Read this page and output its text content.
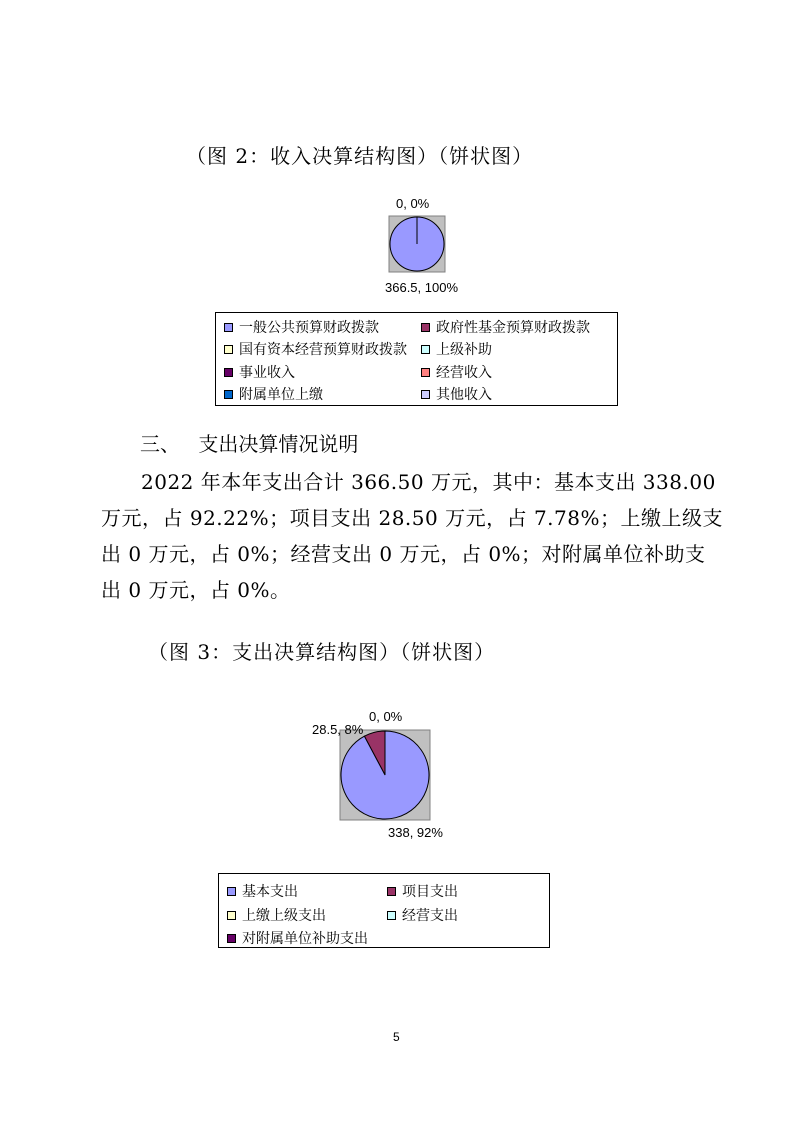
（图 2：收入决算结构图）（饼状图）
0, 0%
366.5, 100%
一般公共预算财政拨款	政府性基金预算财政拨款
国有资本经营预算财政拨款 上级补助
事业收入	经营收入
附属单位上缴	其他收入
三、 支出决算情况说明
2022 年本年支出合计 366.50 万元，其中：基本支出 338.00
万元，占 92.22%；项目支出 28.50 万元，占 7.78%；上缴上级支
出 0 万元，占 0%；经营支出 0 万元，占 0%；对附属单位补助支
出 0 万元，占 0%。
（图 3：支出决算结构图）（饼状图）
28.5, 8%
0, 0%
338, 92%
基本支出	项目支出
上缴上级支出	经营支出
对附属单位补助支出
5
